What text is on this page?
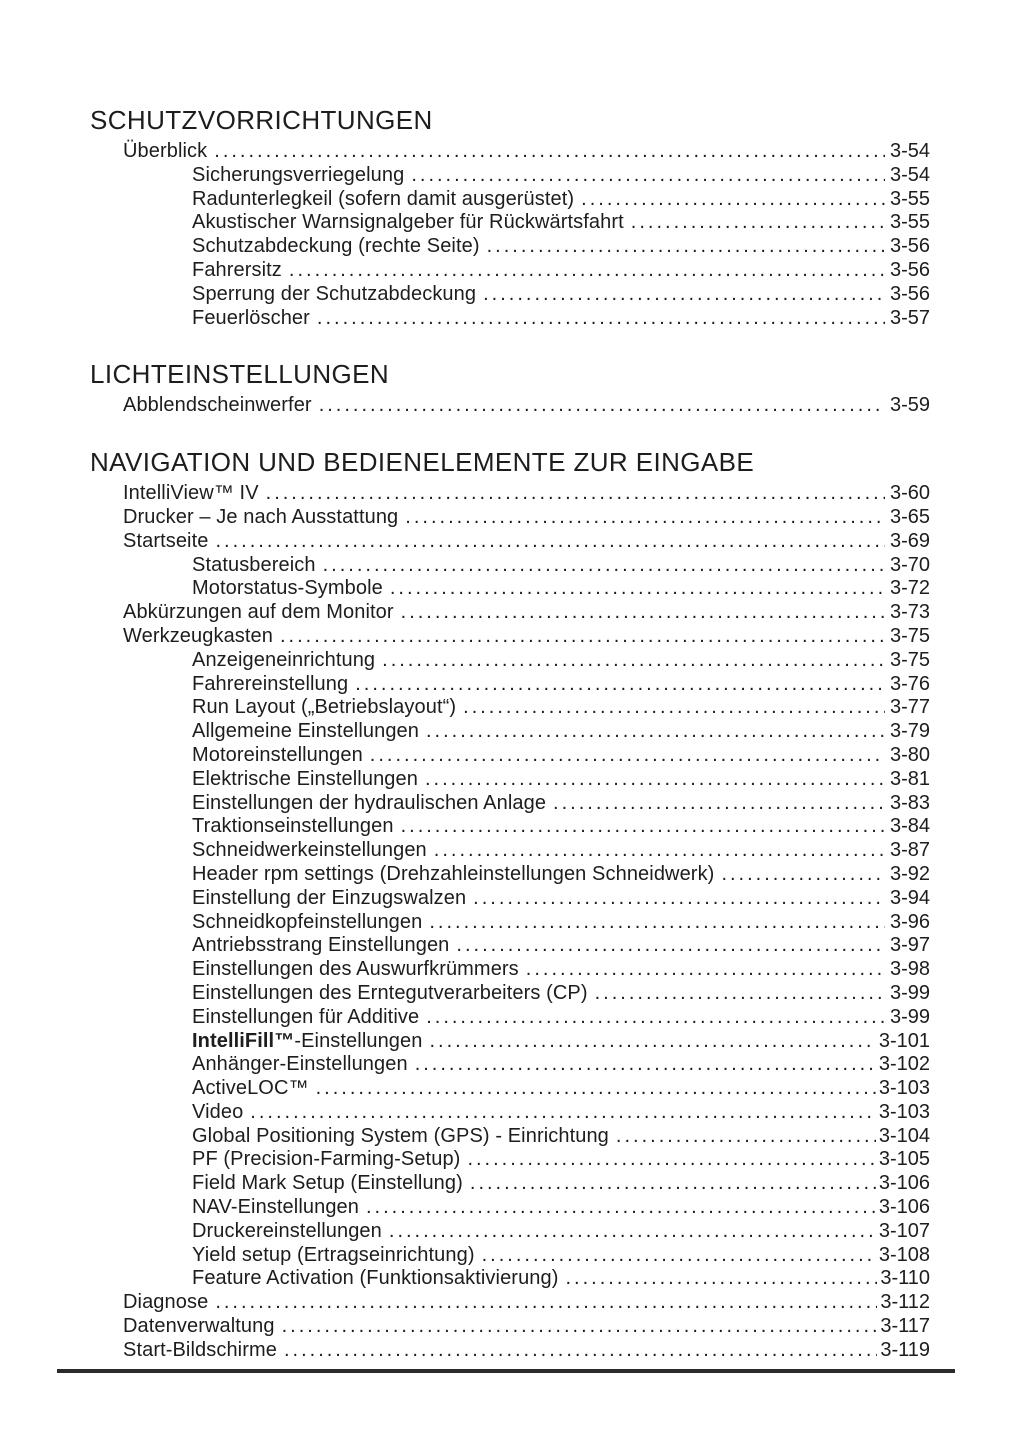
SCHUTZVORRICHTUNGEN
Überblick .....	3-54
Sicherungsverriegelung .....	3-54
Radunterlegkeil (sofern damit ausgerüstet) .....	3-55
Akustischer Warnsignalgeber für Rückwärtsfahrt .....	3-55
Schutzabdeckung (rechte Seite) .....	3-56
Fahrersitz .....	3-56
Sperrung der Schutzabdeckung .....	3-56
Feuerlöscher .....	3-57
LICHTEINSTELLUNGEN
Abblendscheinwerfer .....	3-59
NAVIGATION UND BEDIENELEMENTE ZUR EINGABE
IntelliView™ IV .....	3-60
Drucker – Je nach Ausstattung .....	3-65
Startseite .....	3-69
Statusbereich .....	3-70
Motorstatus-Symbole .....	3-72
Abkürzungen auf dem Monitor .....	3-73
Werkzeugkasten .....	3-75
Anzeigeneinrichtung .....	3-75
Fahrereinstellung .....	3-76
Run Layout („Betriebslayout“) .....	3-77
Allgemeine Einstellungen .....	3-79
Motoreinstellungen .....	3-80
Elektrische Einstellungen .....	3-81
Einstellungen der hydraulischen Anlage .....	3-83
Traktionseinstellungen .....	3-84
Schneidwerkeinstellungen .....	3-87
Header rpm settings (Drehzahleinstellungen Schneidwerk) .....	3-92
Einstellung der Einzugswalzen .....	3-94
Schneidkopfeinstellungen .....	3-96
Antriebsstrang Einstellungen .....	3-97
Einstellungen des Auswurfkrümmers .....	3-98
Einstellungen des Erntegutverarbeiters (CP) .....	3-99
Einstellungen für Additive .....	3-99
IntelliFill™-Einstellungen .....	3-101
Anhänger-Einstellungen .....	3-102
ActiveLOC™ .....	3-103
Video .....	3-103
Global Positioning System (GPS) - Einrichtung .....	3-104
PF (Precision-Farming-Setup) .....	3-105
Field Mark Setup (Einstellung) .....	3-106
NAV-Einstellungen .....	3-106
Druckereinstellungen .....	3-107
Yield setup (Ertragseinrichtung) .....	3-108
Feature Activation (Funktionsaktivierung) .....	3-110
Diagnose .....	3-112
Datenverwaltung .....	3-117
Start-Bildschirme .....	3-119
